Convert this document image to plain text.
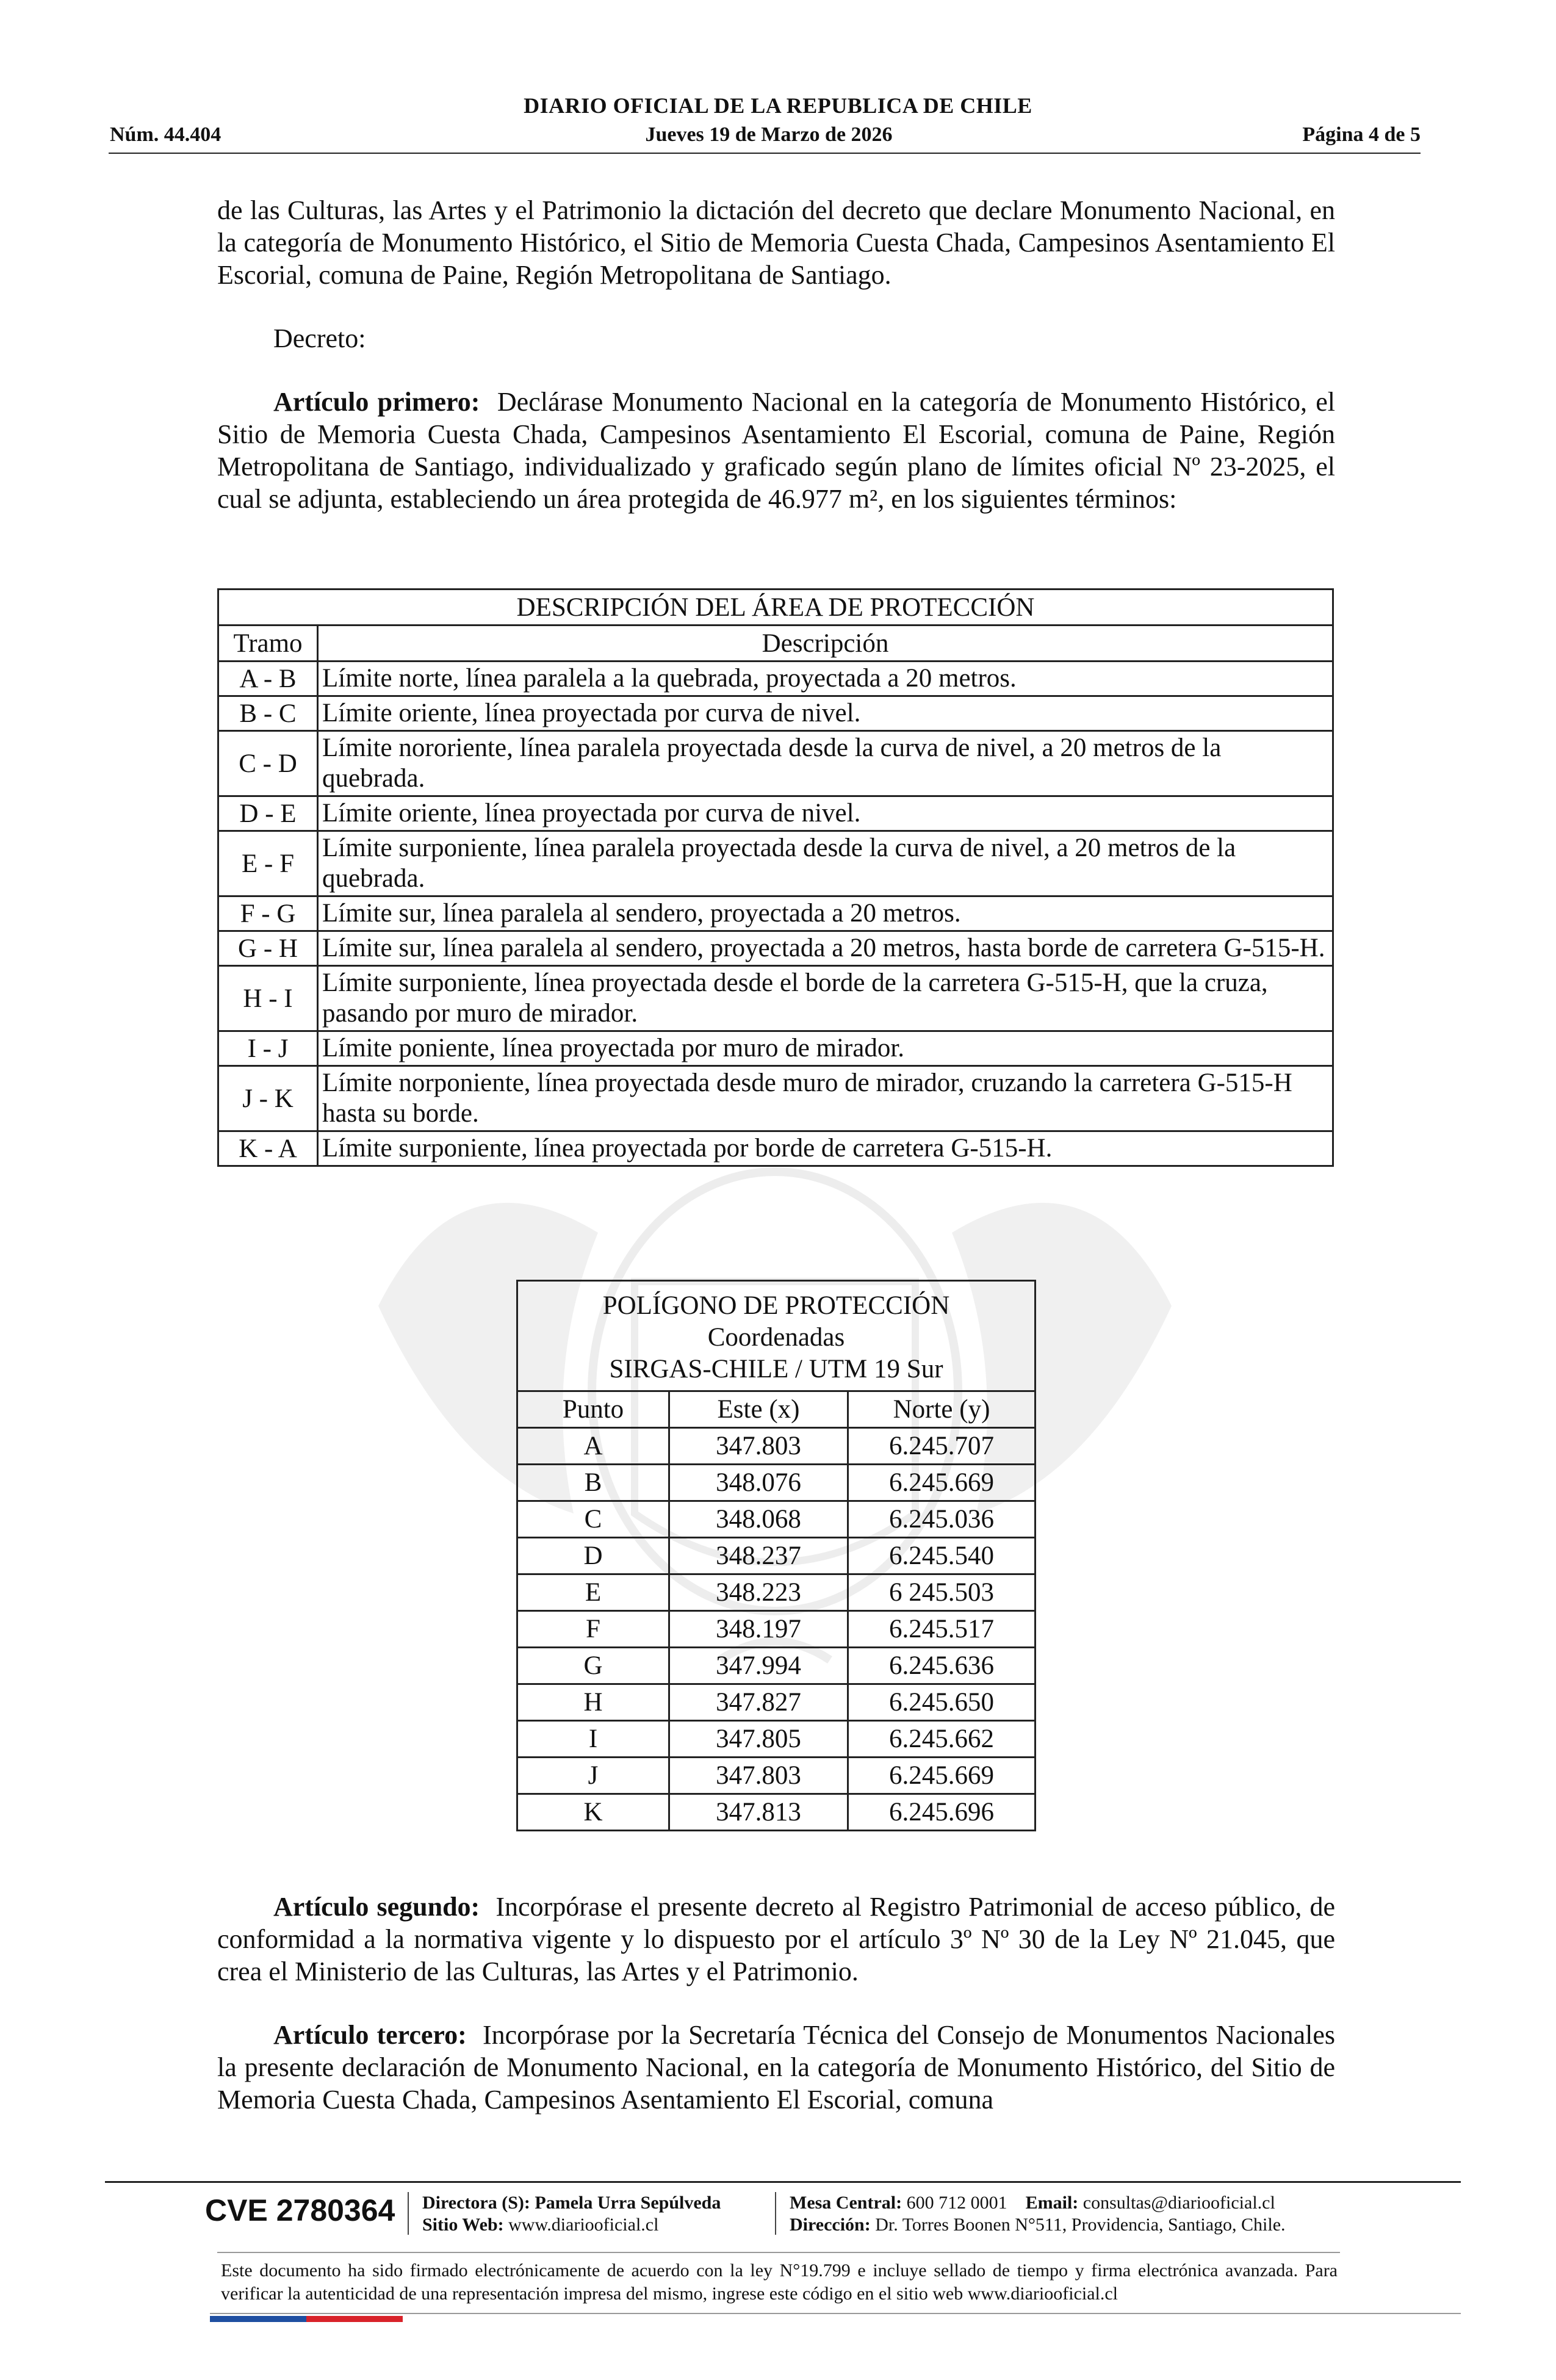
DIARIO OFICIAL DE LA REPUBLICA DE CHILE
Núm. 44.404	Jueves 19 de Marzo de 2026	Página 4 de 5
de las Culturas, las Artes y el Patrimonio la dictación del decreto que declare Monumento Nacional, en la categoría de Monumento Histórico, el Sitio de Memoria Cuesta Chada, Campesinos Asentamiento El Escorial, comuna de Paine, Región Metropolitana de Santiago.
Decreto:
Artículo primero: Declárase Monumento Nacional en la categoría de Monumento Histórico, el Sitio de Memoria Cuesta Chada, Campesinos Asentamiento El Escorial, comuna de Paine, Región Metropolitana de Santiago, individualizado y graficado según plano de límites oficial Nº 23-2025, el cual se adjunta, estableciendo un área protegida de 46.977 m², en los siguientes términos:
DESCRIPCIÓN DEL ÁREA DE PROTECCIÓN	
Tramo	Descripción
A - B	Límite norte, línea paralela a la quebrada, proyectada a 20 metros.
B - C	Límite oriente, línea proyectada por curva de nivel.
C - D	Límite nororiente, línea paralela proyectada desde la curva de nivel, a 20 metros de la quebrada.
D - E	Límite oriente, línea proyectada por curva de nivel.
E - F	Límite surponiente, línea paralela proyectada desde la curva de nivel, a 20 metros de la quebrada.
F - G	Límite sur, línea paralela al sendero, proyectada a 20 metros.
G - H	Límite sur, línea paralela al sendero, proyectada a 20 metros, hasta borde de carretera G-515-H.
H - I	Límite surponiente, línea proyectada desde el borde de la carretera G-515-H, que la cruza, pasando por muro de mirador.
I - J	Límite poniente, línea proyectada por muro de mirador.
J - K	Límite norponiente, línea proyectada desde muro de mirador, cruzando la carretera G-515-H hasta su borde.
K - A	Límite surponiente, línea proyectada por borde de carretera G-515-H.
POLÍGONO DE PROTECCIÓN
Coordenadas
SIRGAS-CHILE / UTM 19 Sur		

Punto	Este (x)	Norte (y)
A	347.803	6.245.707
B	348.076	6.245.669
C	348.068	6.245.036
D	348.237	6.245.540
E	348.223	6 245.503
F	348.197	6.245.517
G	347.994	6.245.636
H	347.827	6.245.650
I	347.805	6.245.662
J	347.803	6.245.669
K	347.813	6.245.696
Artículo segundo: Incorpórase el presente decreto al Registro Patrimonial de acceso público, de conformidad a la normativa vigente y lo dispuesto por el artículo 3º Nº 30 de la Ley Nº 21.045, que crea el Ministerio de las Culturas, las Artes y el Patrimonio.
Artículo tercero: Incorpórase por la Secretaría Técnica del Consejo de Monumentos Nacionales la presente declaración de Monumento Nacional, en la categoría de Monumento Histórico, del Sitio de Memoria Cuesta Chada, Campesinos Asentamiento El Escorial, comuna
CVE 2780364 Directora (S): Pamela Urra Sepúlveda
Sitio Web: www.diariooficial.cl
Mesa Central: 600 712 0001 Email: consultas@diariooficial.cl
Dirección: Dr. Torres Boonen N°511, Providencia, Santiago, Chile.
Este documento ha sido firmado electrónicamente de acuerdo con la ley N°19.799 e incluye sellado de tiempo y firma electrónica avanzada. Para verificar la autenticidad de una representación impresa del mismo, ingrese este código en el sitio web www.diariooficial.cl
